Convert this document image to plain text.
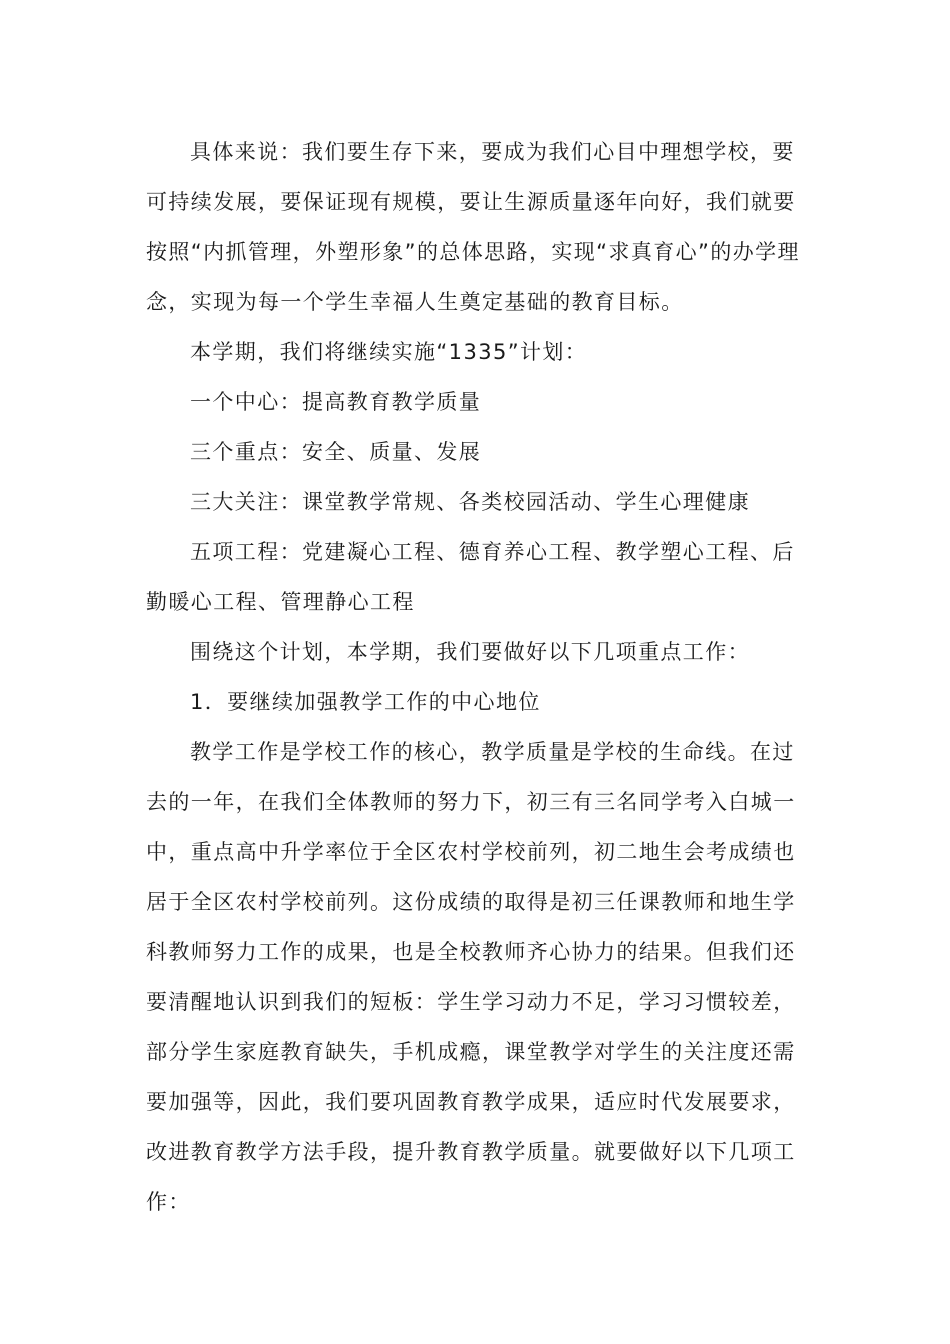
具体来说：我们要生存下来，要成为我们心目中理想学校，要可持续发展，要保证现有规模，要让生源质量逐年向好，我们就要按照“内抓管理，外塑形象”的总体思路，实现“求真育心”的办学理念，实现为每一个学生幸福人生奠定基础的教育目标。

本学期，我们将继续实施“1335”计划：

一个中心：提高教育教学质量

三个重点：安全、质量、发展

三大关注：课堂教学常规、各类校园活动、学生心理健康

五项工程：党建凝心工程、德育养心工程、教学塑心工程、后勤暖心工程、管理静心工程

围绕这个计划，本学期，我们要做好以下几项重点工作：

1．要继续加强教学工作的中心地位

教学工作是学校工作的核心，教学质量是学校的生命线。在过去的一年，在我们全体教师的努力下，初三有三名同学考入白城一中，重点高中升学率位于全区农村学校前列，初二地生会考成绩也居于全区农村学校前列。这份成绩的取得是初三任课教师和地生学科教师努力工作的成果，也是全校教师齐心协力的结果。但我们还要清醒地认识到我们的短板：学生学习动力不足，学习习惯较差，部分学生家庭教育缺失，手机成瘾，课堂教学对学生的关注度还需要加强等，因此，我们要巩固教育教学成果，适应时代发展要求，改进教育教学方法手段，提升教育教学质量。就要做好以下几项工作：
